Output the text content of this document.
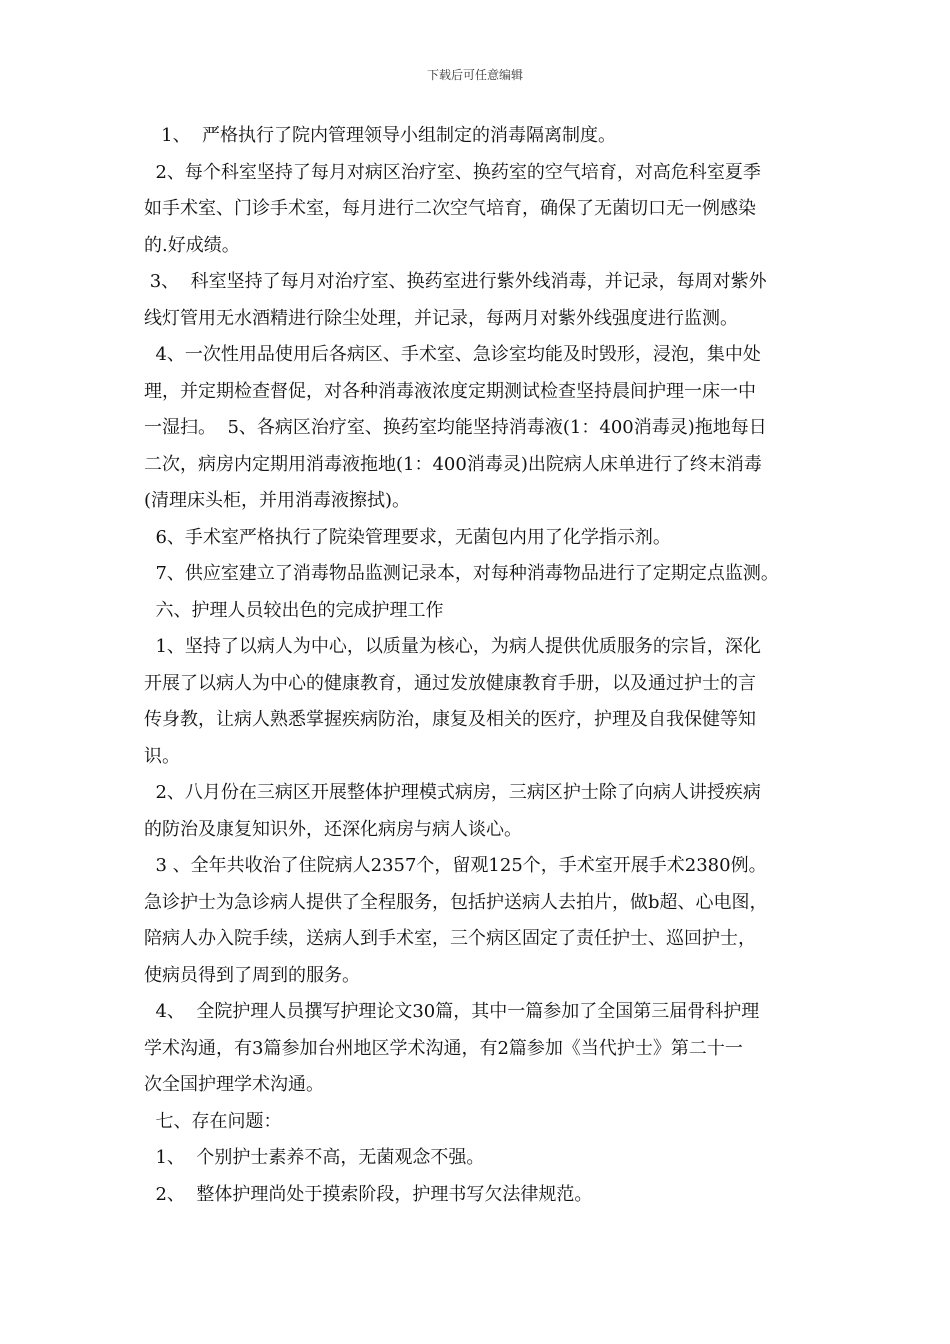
下载后可任意编辑
1、  严格执行了院内管理领导小组制定的消毒隔离制度。
2、每个科室坚持了每月对病区治疗室、换药室的空气培育，对高危科室夏季
如手术室、门诊手术室，每月进行二次空气培育，确保了无菌切口无一例感染
的.好成绩。
3、  科室坚持了每月对治疗室、换药室进行紫外线消毒，并记录，每周对紫外
线灯管用无水酒精进行除尘处理，并记录，每两月对紫外线强度进行监测。
4、一次性用品使用后各病区、手术室、急诊室均能及时毁形，浸泡，集中处
理，并定期检查督促，对各种消毒液浓度定期测试检查坚持晨间护理一床一中
一湿扫。  5、各病区治疗室、换药室均能坚持消毒液(1：400消毒灵)拖地每日
二次，病房内定期用消毒液拖地(1：400消毒灵)出院病人床单进行了终末消毒
(清理床头柜，并用消毒液擦拭)。
6、手术室严格执行了院染管理要求，无菌包内用了化学指示剂。
7、供应室建立了消毒物品监测记录本，对每种消毒物品进行了定期定点监测。
六、护理人员较出色的完成护理工作
1、坚持了以病人为中心，以质量为核心，为病人提供优质服务的宗旨，深化
开展了以病人为中心的健康教育，通过发放健康教育手册，以及通过护士的言
传身教，让病人熟悉掌握疾病防治，康复及相关的医疗，护理及自我保健等知
识。
2、八月份在三病区开展整体护理模式病房，三病区护士除了向病人讲授疾病
的防治及康复知识外，还深化病房与病人谈心。
3 、全年共收治了住院病人2357个，留观125个，手术室开展手术2380例。
急诊护士为急诊病人提供了全程服务，包括护送病人去拍片，做b超、心电图，
陪病人办入院手续，送病人到手术室，三个病区固定了责任护士、巡回护士，
使病员得到了周到的服务。
4、  全院护理人员撰写护理论文30篇，其中一篇参加了全国第三届骨科护理
学术沟通，有3篇参加台州地区学术沟通，有2篇参加《当代护士》第二十一
次全国护理学术沟通。
七、存在问题：
1、  个别护士素养不高，无菌观念不强。
2、  整体护理尚处于摸索阶段，护理书写欠法律规范。
